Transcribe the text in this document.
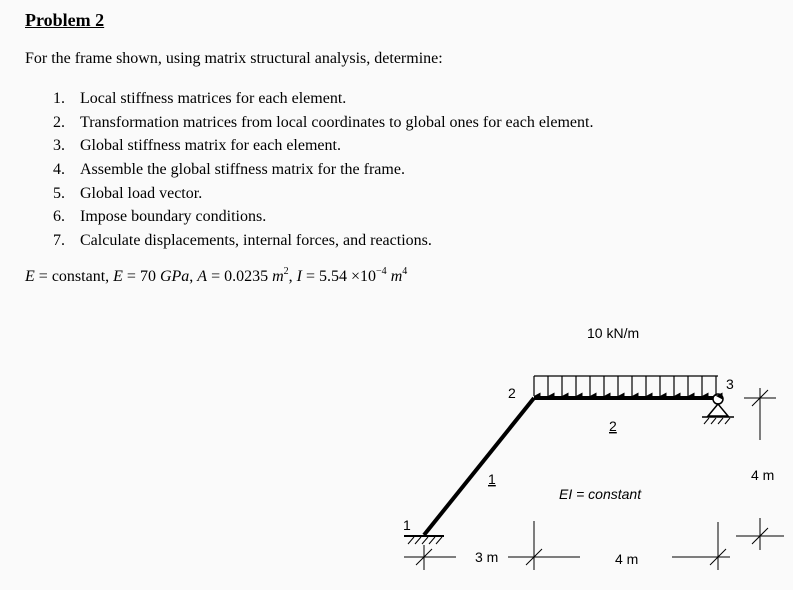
Problem 2
For the frame shown, using matrix structural analysis, determine:
1. Local stiffness matrices for each element.
2. Transformation matrices from local coordinates to global ones for each element.
3. Global stiffness matrix for each element.
4. Assemble the global stiffness matrix for the frame.
5. Global load vector.
6. Impose boundary conditions.
7. Calculate displacements, internal forces, and reactions.
E = constant, E = 70 GPa, A = 0.0235 $m^2$, $I = 5.54 \times 10^{-4}$ $m^4$
10 kN/m
2
3
1
2
1
EI = constant
3 m	4 m
4 m
